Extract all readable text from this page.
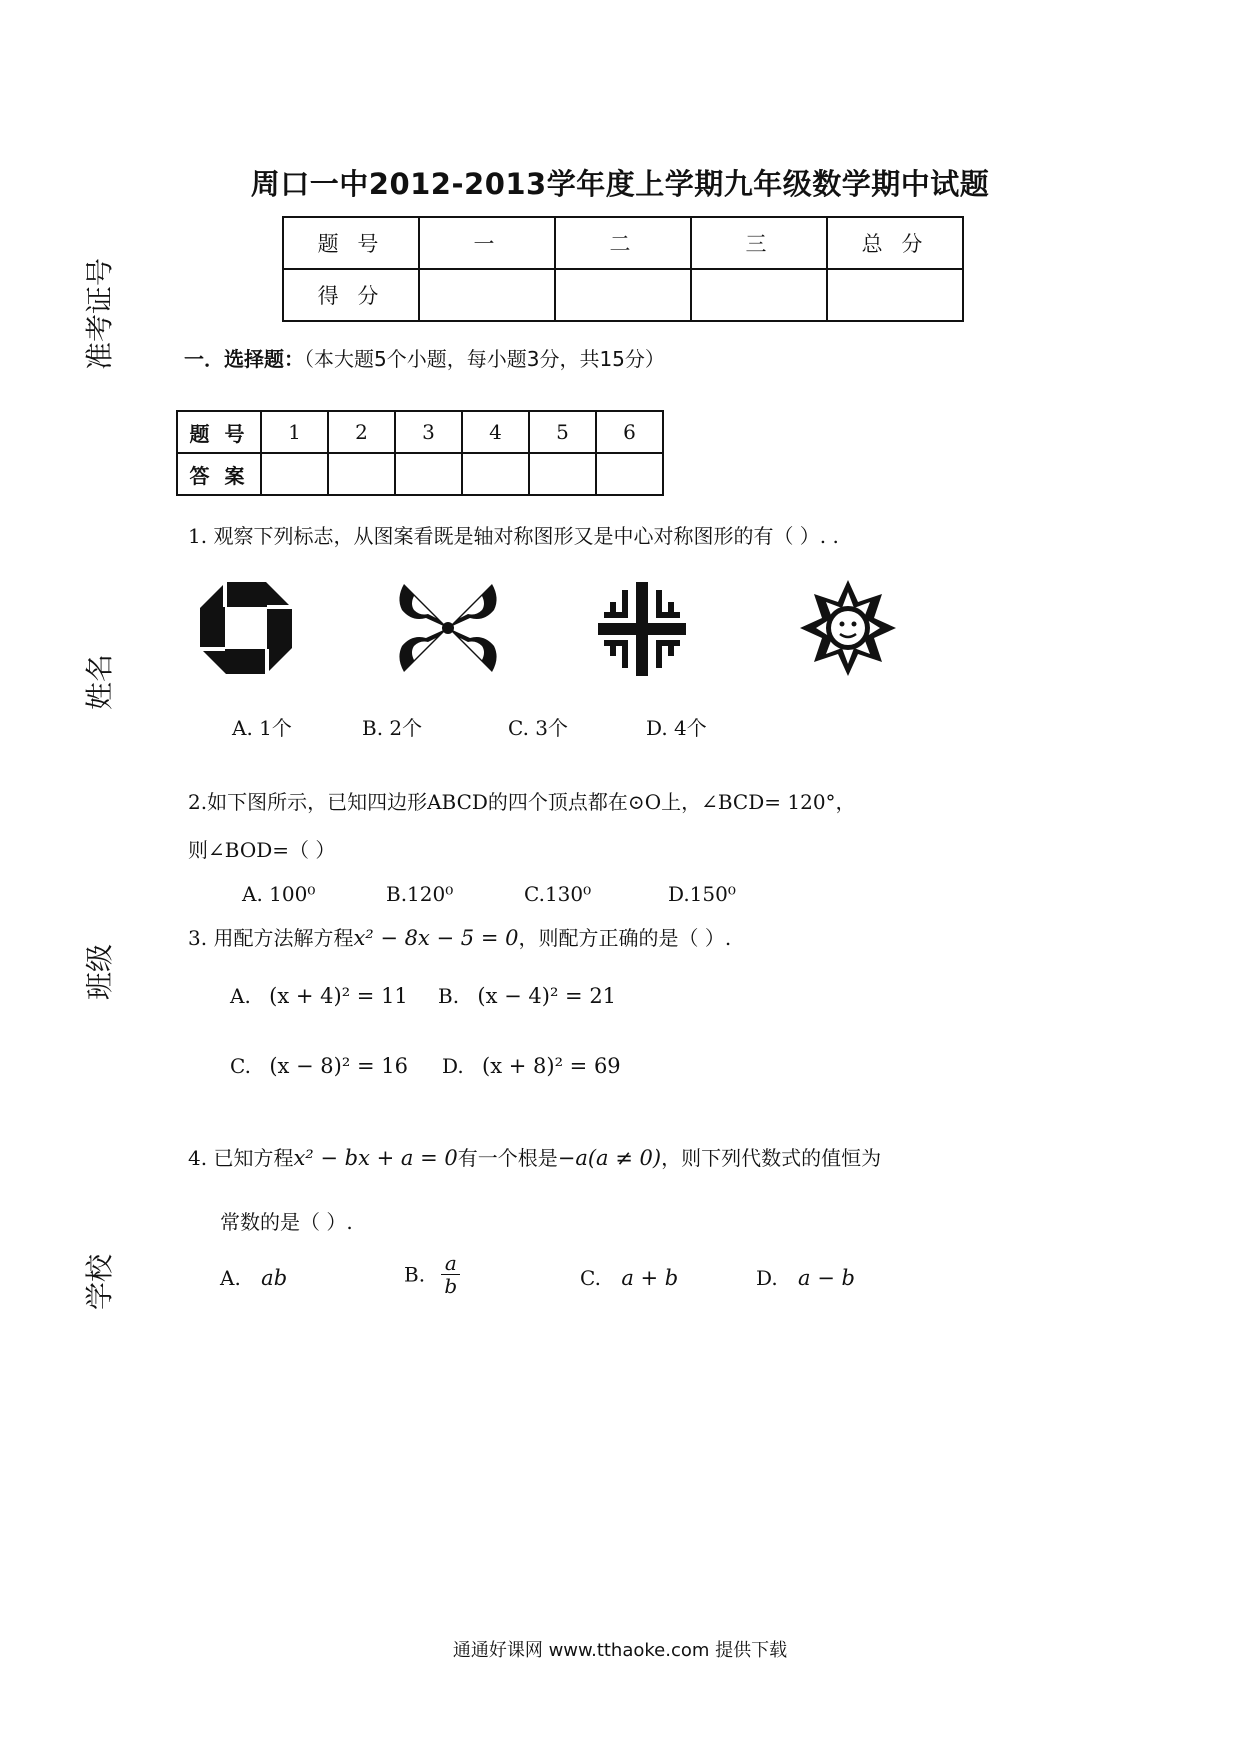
准考证号
姓名
班级
学校
周口一中2012-2013学年度上学期九年级数学期中试题
题 号	一	二	三	总 分
得 分				
一．选择题：（本大题5个小题，每小题3分，共15分）
题 号	1	2	3	4	5	6
答 案						
1. 观察下列标志，从图案看既是轴对称图形又是中心对称图形的有（ ）. .
A. 1个	B. 2个	C. 3个	D. 4个
2.如下图所示，已知四边形ABCD的四个顶点都在⊙O上，∠BCD= 120°，
则∠BOD=（ ）
A. 100⁰	B.120⁰	C.130⁰	D.150⁰
3. 用配方法解方程x² − 8x − 5 = 0，则配方正确的是（ ）.
A. (x + 4)² = 11 B. (x − 4)² = 21
C. (x − 8)² = 16 D. (x + 8)² = 69
4. 已知方程x² − bx + a = 0有一个根是−a(a ≠ 0)，则下列代数式的值恒为
常数的是（ ）.
A. ab	B. $\frac{a}{b}$	C. a + b	D. a − b
通通好课网 www.tthaoke.com 提供下载
